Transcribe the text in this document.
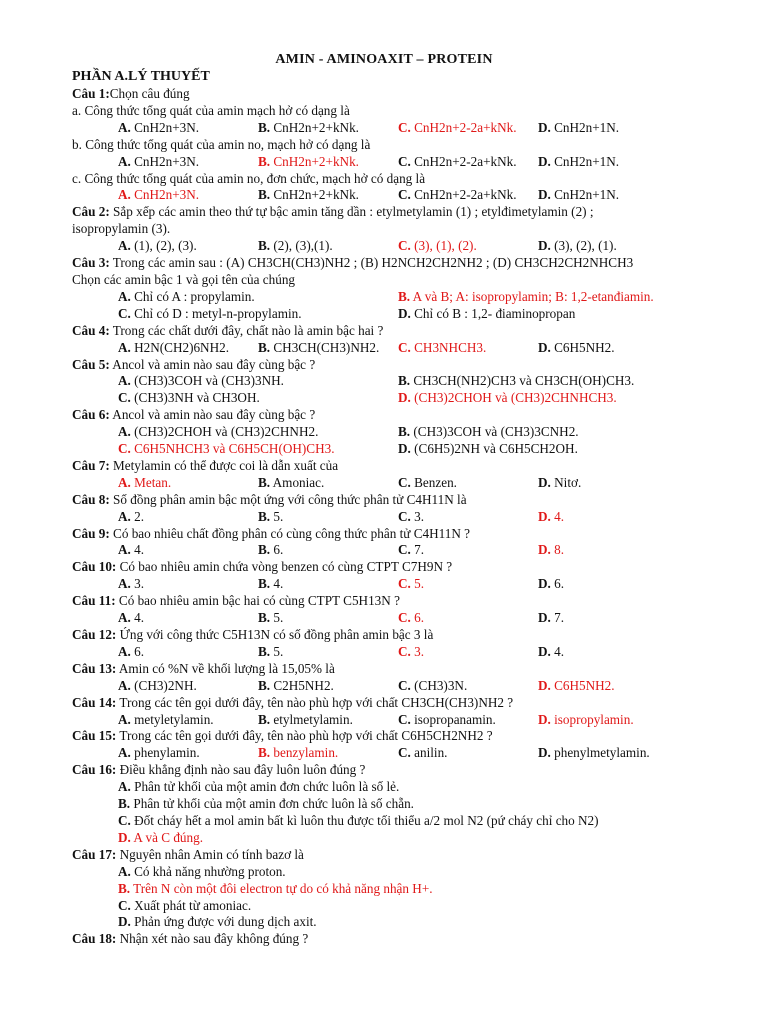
AMIN - AMINOAXIT – PROTEIN
PHẦN A.LÝ THUYẾT
Câu 1:Chọn câu đúng
a. Công thức tổng quát của amin mạch hở có dạng là
A. CnH2n+3N.	B. CnH2n+2+kNk.	C. CnH2n+2-2a+kNk.	D. CnH2n+1N.
b. Công thức tổng quát của amin no, mạch hở có dạng là
A. CnH2n+3N.	B. CnH2n+2+kNk.	C. CnH2n+2-2a+kNk.	D. CnH2n+1N.
c. Công thức tổng quát của amin no, đơn chức, mạch hở có dạng là
A. CnH2n+3N.	B. CnH2n+2+kNk.	C. CnH2n+2-2a+kNk.	D. CnH2n+1N.
Câu 2: Sắp xếp các amin theo thứ tự bậc amin tăng dần : etylmetylamin (1) ; etylđimetylamin (2) ;
isopropylamin (3).
A. (1), (2), (3).	B. (2), (3),(1).	C. (3), (1), (2).	D. (3), (2), (1).
Câu 3: Trong các amin sau : (A) CH3CH(CH3)NH2 ; (B) H2NCH2CH2NH2 ; (D) CH3CH2CH2NHCH3
Chọn các amin bậc 1 và gọi tên của chúng
A. Chỉ có A : propylamin.	B. A và B; A: isopropylamin; B: 1,2-etanđiamin.
C. Chỉ có D : metyl-n-propylamin.	D. Chỉ có B : 1,2- điaminopropan
Câu 4: Trong các chất dưới đây, chất nào là amin bậc hai ?
A. H2N(CH2)6NH2.	B. CH3CH(CH3)NH2.	C. CH3NHCH3.	D. C6H5NH2.
Câu 5: Ancol và amin nào sau đây cùng bậc ?
A. (CH3)3COH và (CH3)3NH.	B. CH3CH(NH2)CH3 và CH3CH(OH)CH3.
C. (CH3)3NH và CH3OH.	D. (CH3)2CHOH và (CH3)2CHNHCH3.
Câu 6: Ancol và amin nào sau đây cùng bậc ?
A. (CH3)2CHOH và (CH3)2CHNH2.	B. (CH3)3COH và (CH3)3CNH2.
C. C6H5NHCH3 và C6H5CH(OH)CH3.	D. (C6H5)2NH và C6H5CH2OH.
Câu 7: Metylamin có thể được coi là dẫn xuất của
A. Metan.	B. Amoniac.	C. Benzen.	D. Nitơ.
Câu 8: Số đồng phân amin bậc một ứng với công thức phân tử C4H11N là
A. 2.	B. 5.	C. 3.	D. 4.
Câu 9: Có bao nhiêu chất đồng phân có cùng công thức phân tử C4H11N ?
A. 4.	B. 6.	C. 7.	D. 8.
Câu 10: Có bao nhiêu amin chứa vòng benzen có cùng CTPT C7H9N ?
A. 3.	B. 4.	C. 5.	D. 6.
Câu 11: Có bao nhiêu amin bậc hai có cùng CTPT C5H13N ?
A. 4.	B. 5.	C. 6.	D. 7.
Câu 12: Ứng với công thức C5H13N có số đồng phân amin bậc 3 là
A. 6.	B. 5.	C. 3.	D. 4.
Câu 13: Amin có %N về khối lượng là 15,05% là
A. (CH3)2NH.	B. C2H5NH2.	C. (CH3)3N.	D. C6H5NH2.
Câu 14: Trong các tên gọi dưới đây, tên nào phù hợp với chất CH3CH(CH3)NH2 ?
A. metyletylamin.	B. etylmetylamin.	C. isopropanamin.	D. isopropylamin.
Câu 15: Trong các tên gọi dưới đây, tên nào phù hợp với chất C6H5CH2NH2 ?
A. phenylamin.	B. benzylamin.	C. anilin.	D. phenylmetylamin.
Câu 16: Điều khẳng định nào sau đây luôn luôn đúng ?
A. Phân tử khối của một amin đơn chức luôn là số lẻ.
B. Phân tử khối của một amin đơn chức luôn là số chẵn.
C. Đốt cháy hết a mol amin bất kì luôn thu được tối thiểu a/2 mol N2 (pứ cháy chỉ cho N2)
D. A và C đúng.
Câu 17: Nguyên nhân Amin có tính bazơ là
A. Có khả năng nhường proton.
B. Trên N còn một đôi electron tự do có khả năng nhận H+.
C. Xuất phát từ amoniac.
D. Phản ứng được với dung dịch axit.
Câu 18: Nhận xét nào sau đây không đúng ?
